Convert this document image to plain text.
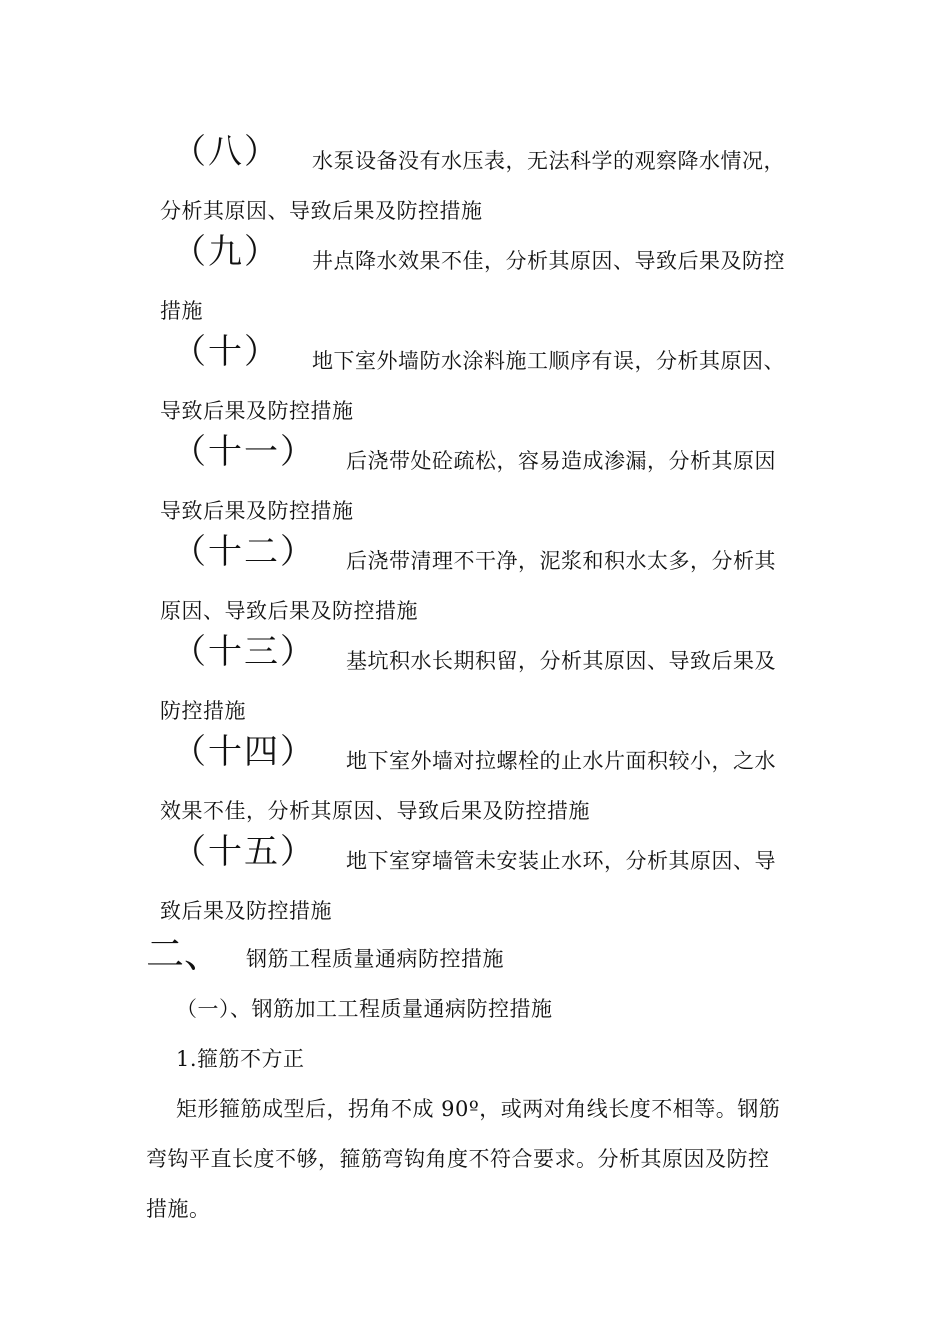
（八） 水泵设备没有水压表，无法科学的观察降水情况，
分析其原因、导致后果及防控措施
（九） 井点降水效果不佳，分析其原因、导致后果及防控
措施
（十） 地下室外墙防水涂料施工顺序有误，分析其原因、
导致后果及防控措施
（十一） 后浇带处砼疏松，容易造成渗漏，分析其原因
导致后果及防控措施
（十二） 后浇带清理不干净，泥浆和积水太多，分析其
原因、导致后果及防控措施
（十三） 基坑积水长期积留，分析其原因、导致后果及
防控措施
（十四） 地下室外墙对拉螺栓的止水片面积较小，之水
效果不佳，分析其原因、导致后果及防控措施
（十五） 地下室穿墙管未安装止水环，分析其原因、导
致后果及防控措施
二、 钢筋工程质量通病防控措施
（一）、钢筋加工工程质量通病防控措施
1.箍筋不方正
矩形箍筋成型后，拐角不成 90º，或两对角线长度不相等。钢筋
弯钩平直长度不够，箍筋弯钩角度不符合要求。分析其原因及防控
措施。
